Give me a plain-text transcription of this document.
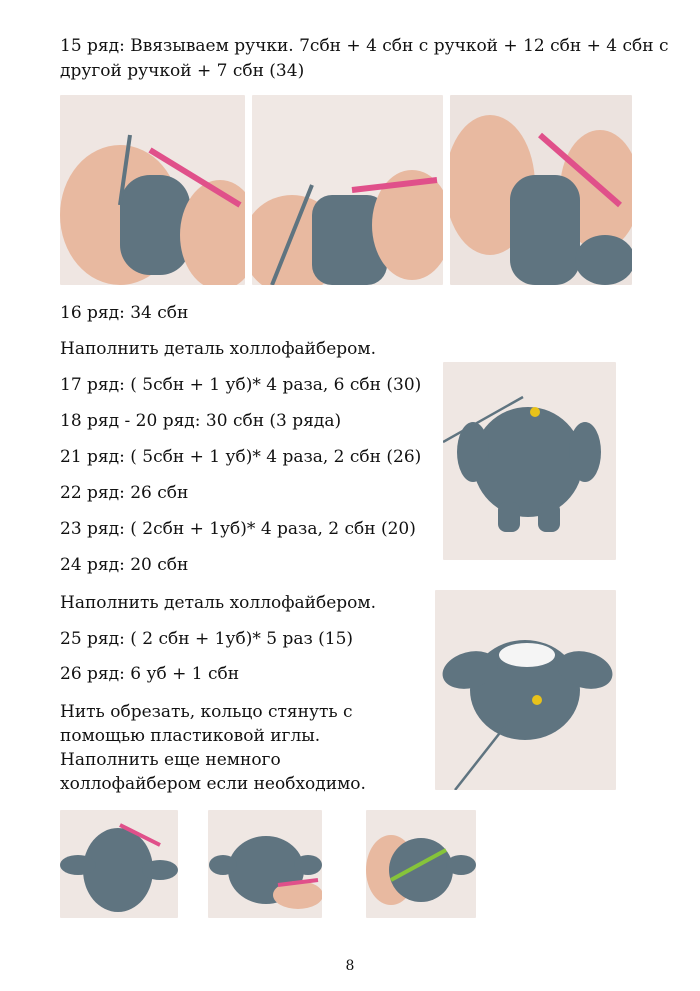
15 ряд: Ввязываем ручки. 7сбн + 4 сбн с ручкой + 12 сбн + 4 сбн с
другой ручкой + 7 сбн (34)
16 ряд: 34 сбн
Наполнить деталь холлофайбером.
17 ряд: ( 5сбн + 1 уб)* 4 раза, 6 сбн (30)
18 ряд - 20 ряд: 30 сбн (3 ряда)
21 ряд: ( 5сбн + 1 уб)* 4 раза, 2 сбн (26)
22 ряд: 26 сбн
23 ряд: ( 2сбн + 1уб)* 4 раза, 2 сбн (20)
24 ряд: 20 сбн
Наполнить деталь холлофайбером.
25 ряд: ( 2 сбн + 1уб)* 5 раз (15)
26 ряд: 6 уб + 1 сбн
Нить обрезать, кольцо стянуть с
помощью пластиковой иглы.
Наполнить еще немного
холлофайбером если необходимо.
8
